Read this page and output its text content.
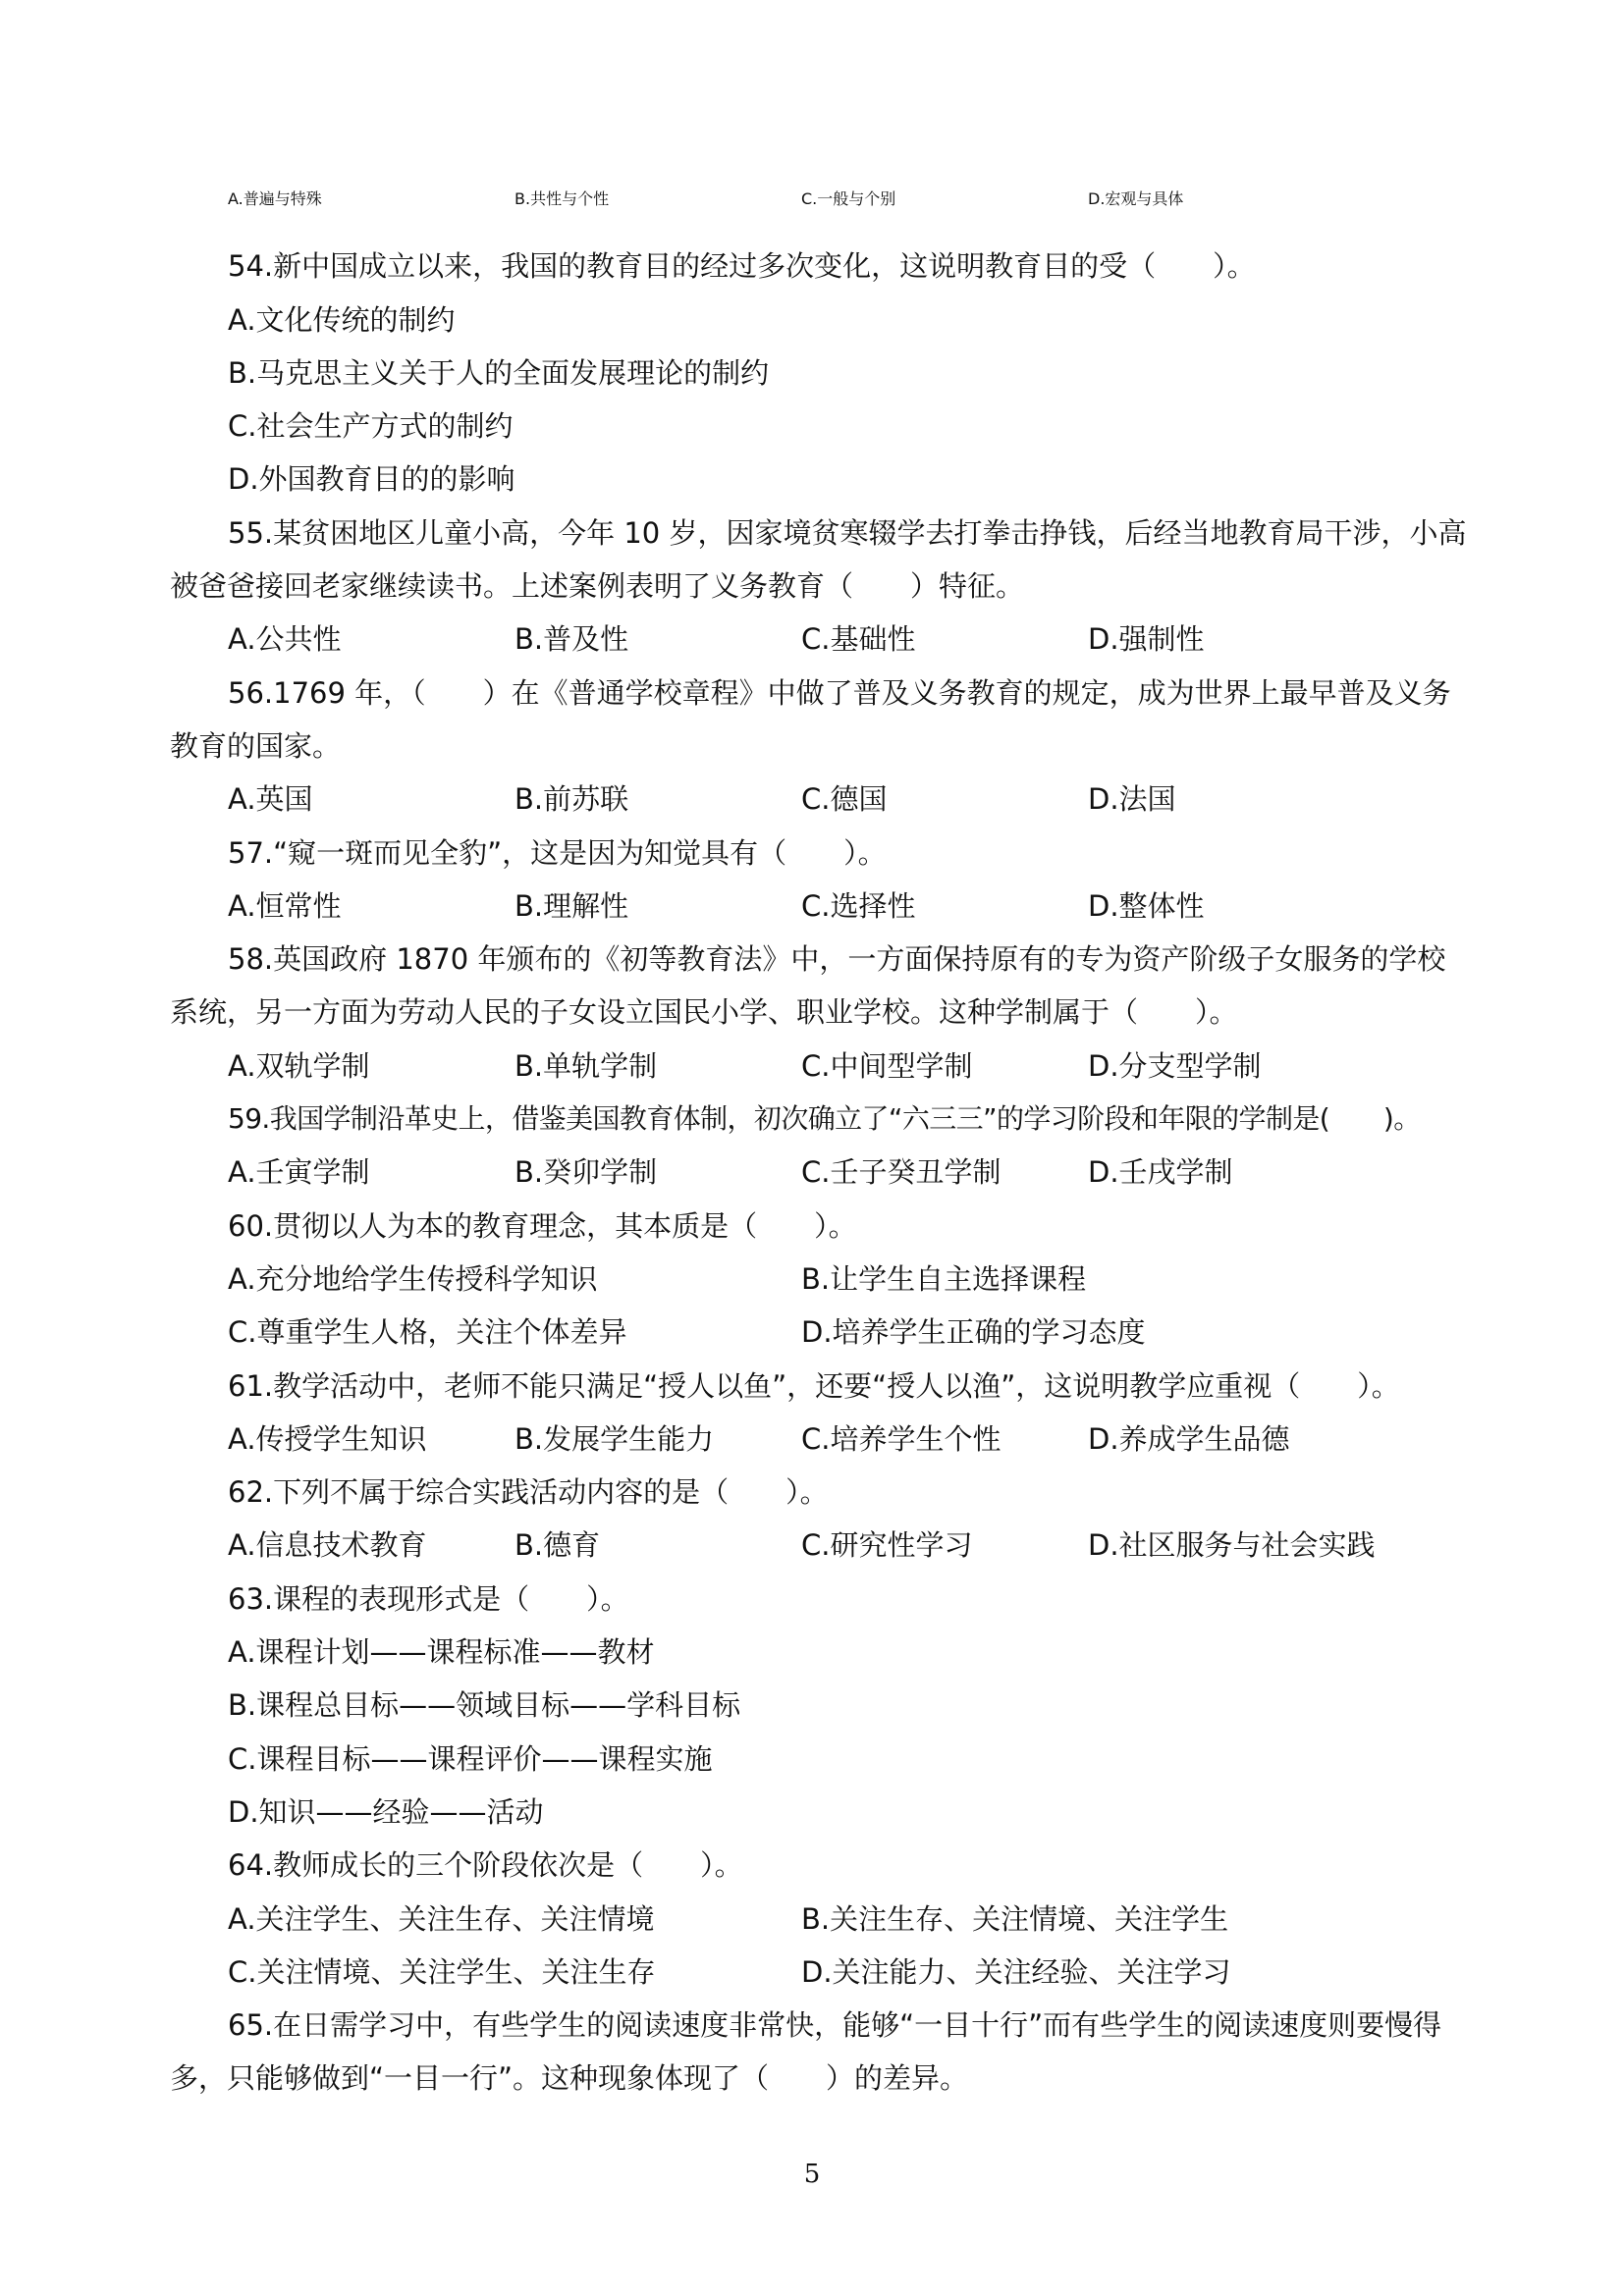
A.普遍与特殊	B.共性与个性	C.一般与个别	D.宏观与具体
54.新中国成立以来，我国的教育目的经过多次变化，这说明教育目的受（　　）。
A.文化传统的制约
B.马克思主义关于人的全面发展理论的制约
C.社会生产方式的制约
D.外国教育目的的影响
55.某贫困地区儿童小高，今年 10 岁，因家境贫寒辍学去打拳击挣钱，后经当地教育局干涉，小高
被爸爸接回老家继续读书。上述案例表明了义务教育（　　）特征。
A.公共性	B.普及性	C.基础性	D.强制性
56.1769 年，（　　）在《普通学校章程》中做了普及义务教育的规定，成为世界上最早普及义务
教育的国家。
A.英国	B.前苏联	C.德国	D.法国
57.“窥一斑而见全豹”，这是因为知觉具有（　　）。
A.恒常性	B.理解性	C.选择性	D.整体性
58.英国政府 1870 年颁布的《初等教育法》中，一方面保持原有的专为资产阶级子女服务的学校
系统，另一方面为劳动人民的子女设立国民小学、职业学校。这种学制属于（　　）。
A.双轨学制	B.单轨学制	C.中间型学制	D.分支型学制
59.我国学制沿革史上，借鉴美国教育体制，初次确立了“六三三”的学习阶段和年限的学制是(　　)。
A.壬寅学制	B.癸卯学制	C.壬子癸丑学制	D.壬戌学制
60.贯彻以人为本的教育理念，其本质是（　　）。
A.充分地给学生传授科学知识	B.让学生自主选择课程
C.尊重学生人格，关注个体差异	D.培养学生正确的学习态度
61.教学活动中，老师不能只满足“授人以鱼”，还要“授人以渔”，这说明教学应重视（　　）。
A.传授学生知识	B.发展学生能力	C.培养学生个性	D.养成学生品德
62.下列不属于综合实践活动内容的是（　　）。
A.信息技术教育	B.德育	C.研究性学习	D.社区服务与社会实践
63.课程的表现形式是（　　）。
A.课程计划——课程标准——教材
B.课程总目标——领域目标——学科目标
C.课程目标——课程评价——课程实施
D.知识——经验——活动
64.教师成长的三个阶段依次是（　　）。
A.关注学生、关注生存、关注情境	B.关注生存、关注情境、关注学生
C.关注情境、关注学生、关注生存	D.关注能力、关注经验、关注学习
65.在日需学习中，有些学生的阅读速度非常快，能够“一目十行”而有些学生的阅读速度则要慢得
多，只能够做到“一目一行”。这种现象体现了（　　）的差异。
5
